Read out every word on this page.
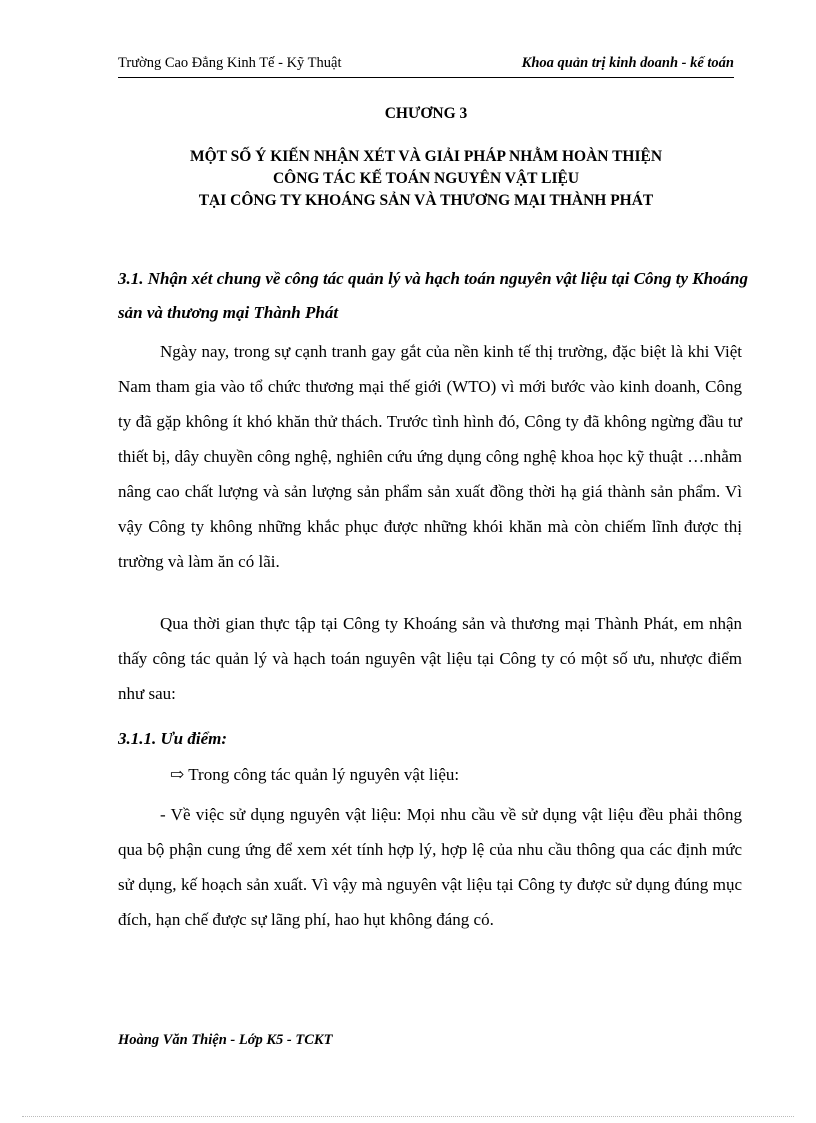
Trường Cao Đẳng Kinh Tế - Kỹ Thuật	Khoa quản trị kinh doanh - kế toán
CHƯƠNG 3
MỘT SỐ Ý KIẾN NHẬN XÉT VÀ GIẢI PHÁP NHẰM HOÀN THIỆN
CÔNG TÁC KẾ TOÁN NGUYÊN VẬT LIỆU
TẠI CÔNG TY KHOÁNG SẢN VÀ THƯƠNG MẠI THÀNH PHÁT
3.1. Nhận xét chung về công tác quản lý và hạch toán nguyên vật liệu tại Công ty Khoáng sản và thương mại Thành Phát
Ngày nay, trong sự cạnh tranh gay gắt của nền kinh tế thị trường, đặc biệt là khi Việt Nam tham gia vào tổ chức thương mại thế giới (WTO) vì mới bước vào kinh doanh, Công ty đã gặp không ít khó khăn thử thách. Trước tình hình đó, Công ty đã không ngừng đầu tư thiết bị, dây chuyền công nghệ, nghiên cứu ứng dụng công nghệ khoa học kỹ thuật …nhằm nâng cao chất lượng và sản lượng sản phẩm sản xuất đồng thời hạ giá thành sản phẩm. Vì vậy Công ty không những khắc phục được những khói khăn mà còn chiếm lĩnh được thị trường và làm ăn có lãi.
Qua thời gian thực tập tại Công ty Khoáng sản và thương mại Thành Phát, em nhận thấy công tác quản lý và hạch toán nguyên vật liệu tại Công ty có một số ưu, nhược điểm như sau:
3.1.1. Ưu điểm:
⇨ Trong công tác quản lý nguyên vật liệu:
- Về việc sử dụng nguyên vật liệu: Mọi nhu cầu về sử dụng vật liệu đều phải thông qua bộ phận cung ứng để xem xét tính hợp lý, hợp lệ của nhu cầu thông qua các định mức sử dụng, kế hoạch sản xuất. Vì vậy mà nguyên vật liệu tại Công ty được sử dụng đúng mục đích, hạn chế được sự lãng phí, hao hụt không đáng có.
Hoàng Văn Thiện - Lớp K5 - TCKT
